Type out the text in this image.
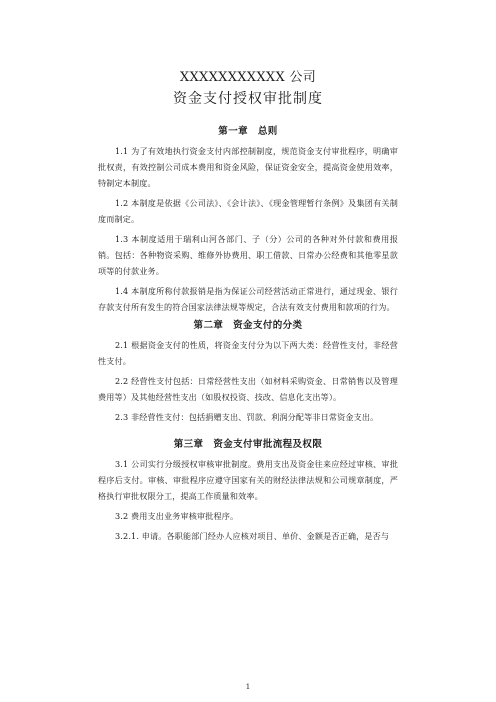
XXXXXXXXXXX 公司
资金支付授权审批制度
第一章　总则

1.1 为了有效地执行资金支付内部控制制度，规范资金支付审批程序，明确审批权责，有效控制公司成本费用和资金风险，保证资金安全，提高资金使用效率，特制定本制度。

1.2 本制度是依据《公司法》、《会计法》、《现金管理暂行条例》及集团有关制度而制定。

1.3 本制度适用于瑞利山河各部门、子（分）公司的各种对外付款和费用报销。包括：各种物资采购、维修外协费用、职工借款、日常办公经费和其他零星款项等的付款业务。

1.4 本制度所称付款报销是指为保证公司经营活动正常进行，通过现金、银行存款支付所有发生的符合国家法律法规等规定，合法有效支付费用和款项的行为。

第二章　资金支付的分类

2.1 根据资金支付的性质，将资金支付分为以下两大类：经营性支付，非经营性支付。

2.2 经营性支付包括：日常经营性支出（如材料采购资金、日常销售以及管理费用等）及其他经营性支出（如股权投资、技改、信息化支出等）。

2.3 非经营性支付：包括捐赠支出、罚款、利润分配等非日常资金支出。

第三章　资金支付审批流程及权限

3.1 公司实行分级授权审核审批制度。费用支出及资金往来应经过审核、审批程序后支付。审核、审批程序应遵守国家有关的财经法律法规和公司规章制度，严格执行审批权限分工，提高工作质量和效率。

3.2 费用支出业务审核审批程序。

3.2.1. 申请。各职能部门经办人应核对项目、单价、金额是否正确，是否与

1
